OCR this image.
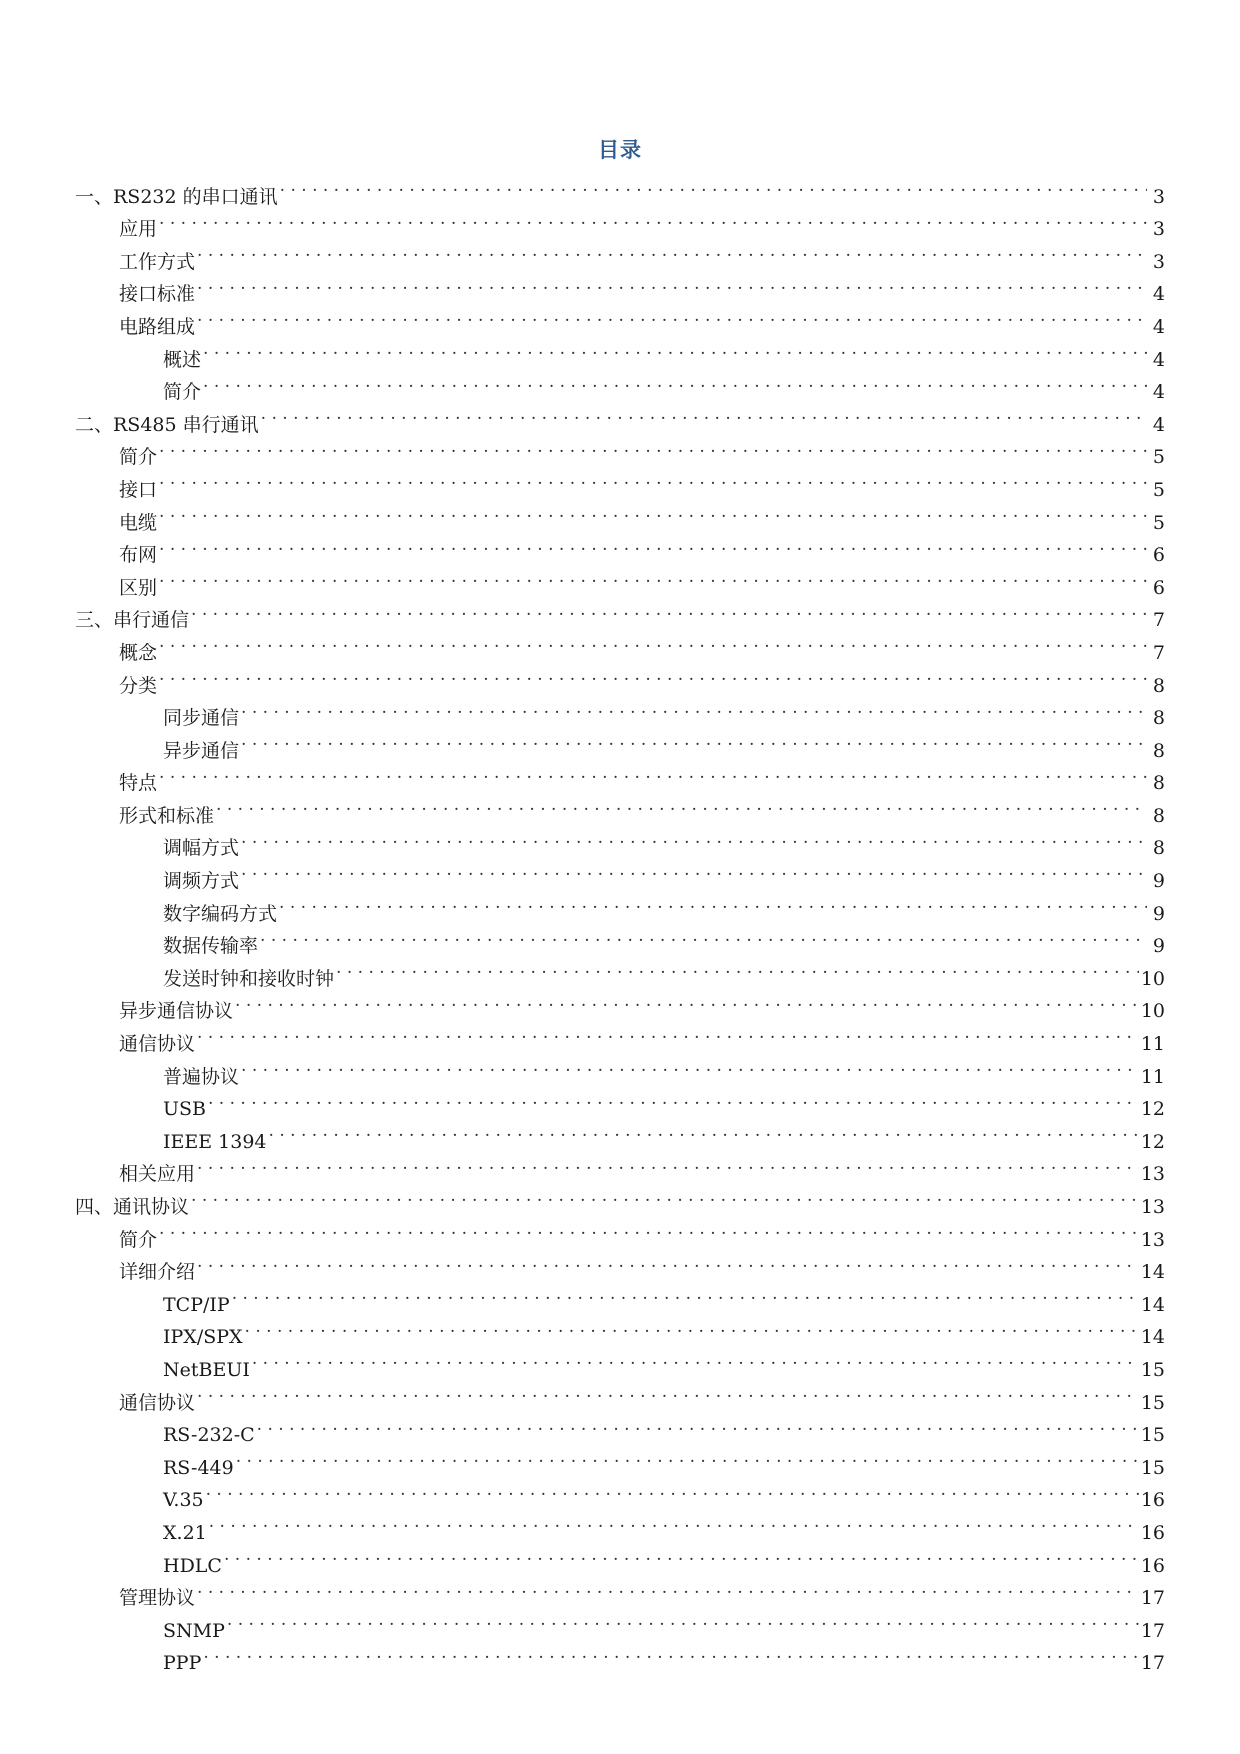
目录
一、RS232 的串口通讯 . . .	3
应用 . . .	3
工作方式 . . .	3
接口标准 . . .	4
电路组成 . . .	4
概述 . . .	4
简介 . . .	4
二、RS485 串行通讯 . . .	4
简介 . . .	5
接口 . . .	5
电缆 . . .	5
布网 . . .	6
区别 . . .	6
三、串行通信 . . .	7
概念 . . .	7
分类 . . .	8
同步通信 . . .	8
异步通信 . . .	8
特点 . . .	8
形式和标准 . . .	8
调幅方式 . . .	8
调频方式 . . .	9
数字编码方式 . . .	9
数据传输率 . . .	9
发送时钟和接收时钟 . . .	10
异步通信协议 . . .	10
通信协议 . . .	11
普遍协议 . . .	11
USB . . .	12
IEEE 1394 . . .	12
相关应用 . . .	13
四、通讯协议 . . .	13
简介 . . .	13
详细介绍 . . .	14
TCP/IP . . .	14
IPX/SPX . . .	14
NetBEUI . . .	15
通信协议 . . .	15
RS-232-C . . .	15
RS-449 . . .	15
V.35 . . .	16
X.21 . . .	16
HDLC . . .	16
管理协议 . . .	17
SNMP . . .	17
PPP . . .	17
